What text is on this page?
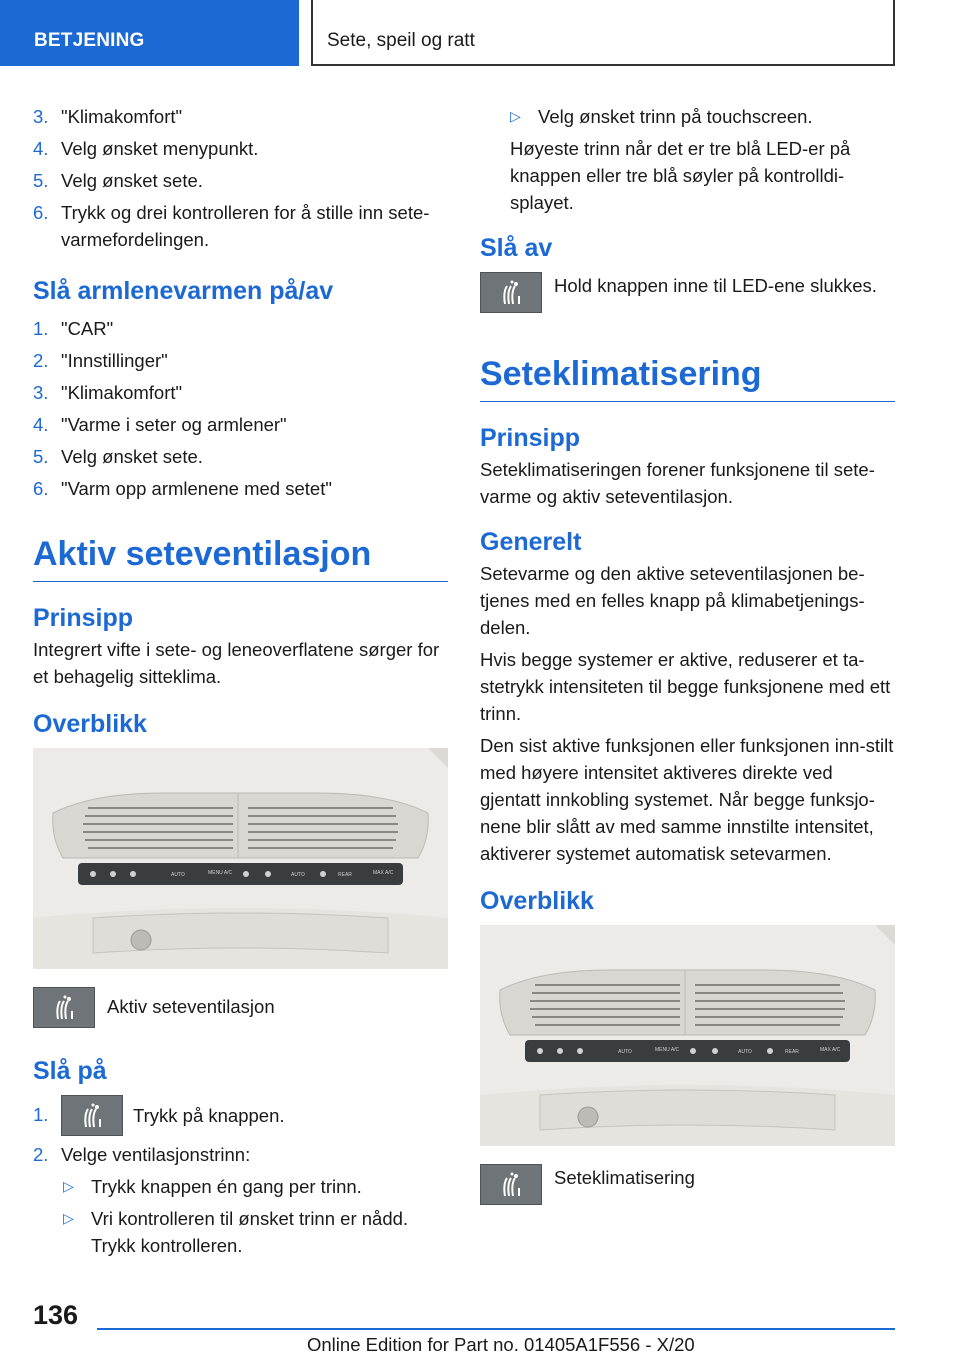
BETJENING	Sete, speil og ratt
3. "Klimakomfort"
4. Velg ønsket menypunkt.
5. Velg ønsket sete.
6. Trykk og drei kontrolleren for å stille inn sete-varmefordelingen.
Slå armlenevarmen på/av
1. "CAR"
2. "Innstillinger"
3. "Klimakomfort"
4. "Varme i seter og armlener"
5. Velg ønsket sete.
6. "Varm opp armlenene med setet"
Aktiv seteventilasjon
Prinsipp
Integrert vifte i sete- og leneoverflatene sørger for et behagelig sitteklima.
Overblikk
AUTO	MENU A/C	AUTO	REAR	MAX A/C
Aktiv seteventilasjon
Slå på
1.	Trykk på knappen.
2. Velge ventilasjonstrinn:
▷ Trykk knappen én gang per trinn.
▷ Vri kontrolleren til ønsket trinn er nådd. Trykk kontrolleren.
▷ Velg ønsket trinn på touchscreen.
Høyeste trinn når det er tre blå LED-er på knappen eller tre blå søyler på kontrolldi-splayet.
Slå av
Hold knappen inne til LED-ene slukkes.
Seteklimatisering
Prinsipp
Seteklimatiseringen forener funksjonene til sete-varme og aktiv seteventilasjon.
Generelt
Setevarme og den aktive seteventilasjonen be-tjenes med en felles knapp på klimabetjenings-delen.
Hvis begge systemer er aktive, reduserer et ta-stetrykk intensiteten til begge funksjonene med ett trinn.
Den sist aktive funksjonen eller funksjonen inn-stilt med høyere intensitet aktiveres direkte ved gjentatt innkobling systemet. Når begge funksjo-nene blir slått av med samme innstilte intensitet, aktiverer systemet automatisk setevarmen.
Overblikk
AUTO	MENU A/C	AUTO	REAR	MAX A/C
Seteklimatisering
136
Online Edition for Part no. 01405A1F556 - X/20
